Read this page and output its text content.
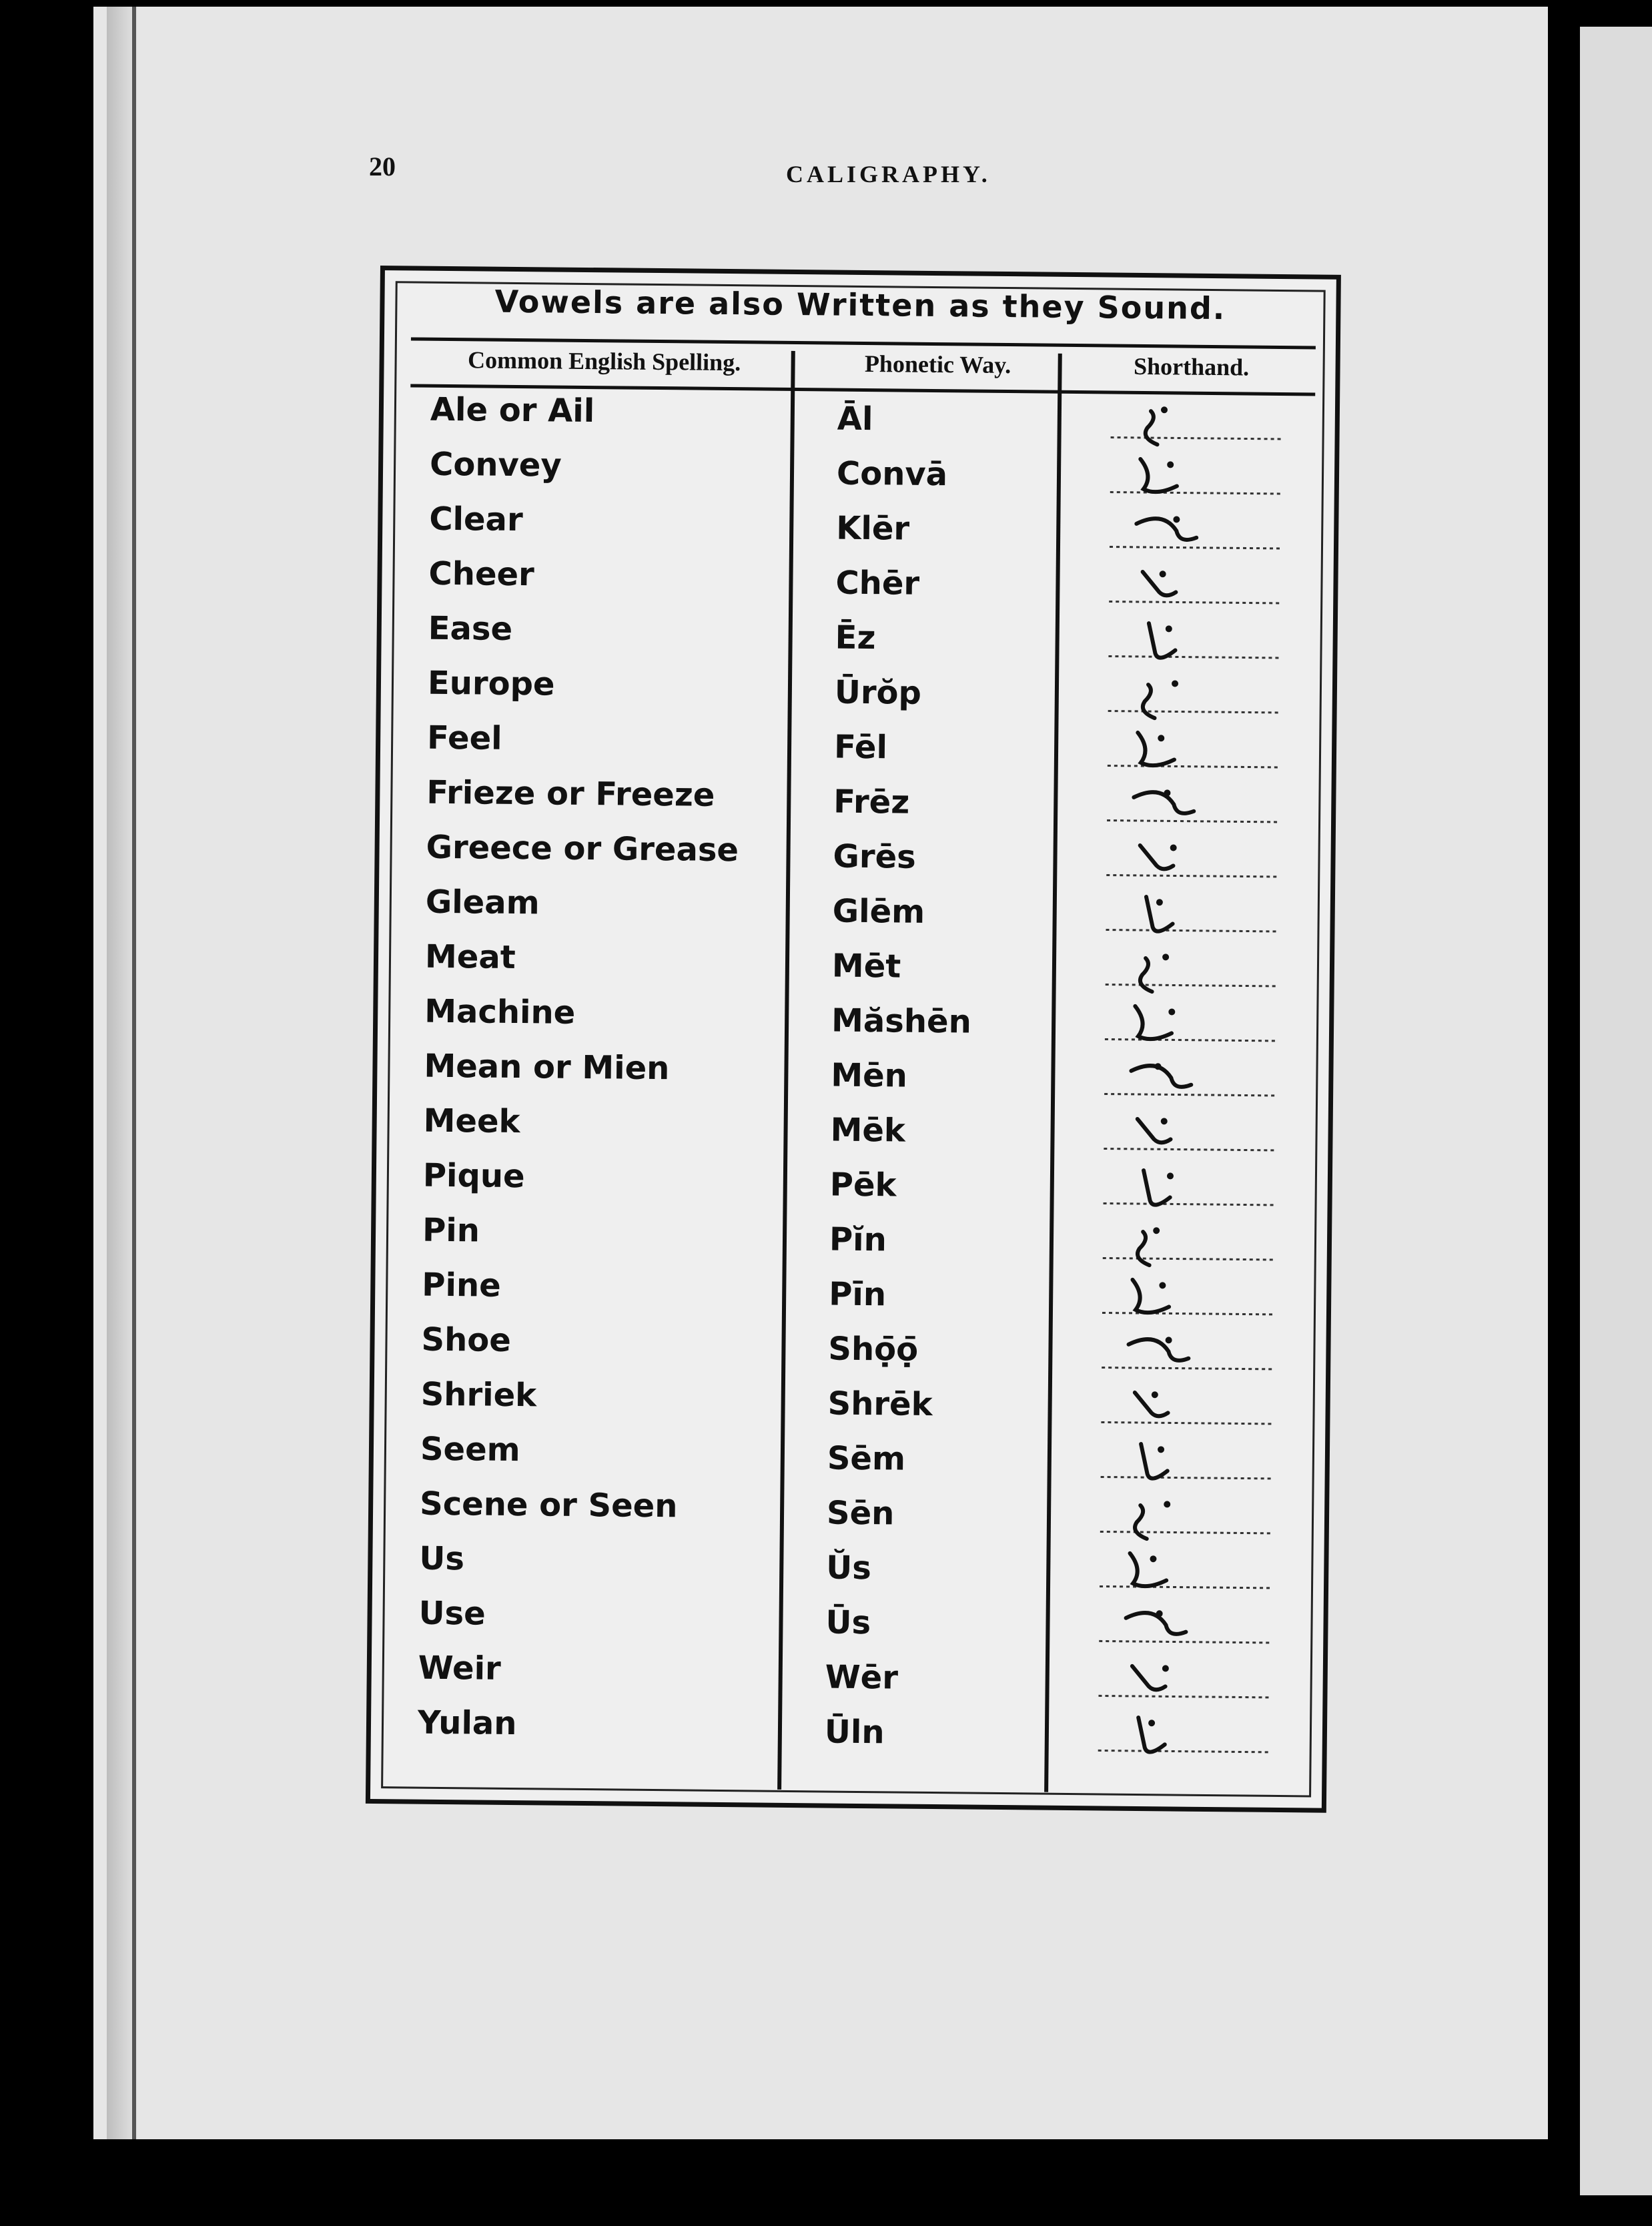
20	CALIGRAPHY.
Vowels are also Written as they Sound.
Common English Spelling.	Phonetic Way.	Shorthand.
Ale or Ail	Āl
Convey	Convā
Clear	Klēr
Cheer	Chēr
Ease	Ēz
Europe	Ūrŏp
Feel	Fēl
Frieze or Freeze	Frēz
Greece or Grease	Grēs
Gleam	Glēm
Meat	Mēt
Machine	Măshēn
Mean or Mien	Mēn
Meek	Mēk
Pique	Pēk
Pin	Pĭn
Pine	Pīn
Shoe	Shọ̄ọ̄
Shriek	Shrēk
Seem	Sēm
Scene or Seen	Sēn
Us	Ŭs
Use	Ūs
Weir	Wēr
Yulan	Ūln
